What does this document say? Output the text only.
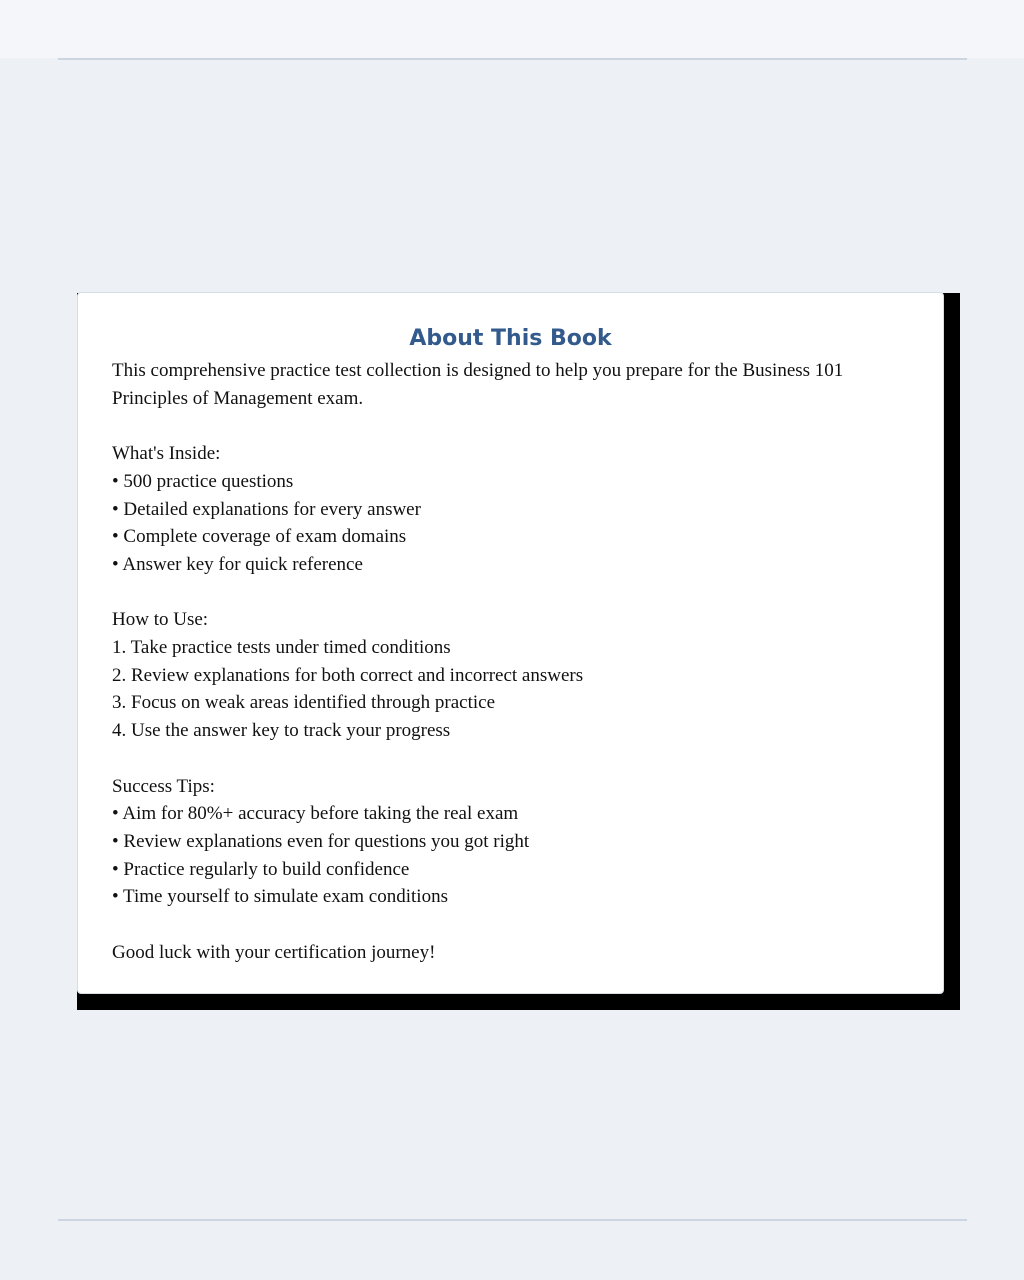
About This Book
This comprehensive practice test collection is designed to help you prepare for the Business 101 Principles of Management exam.
What's Inside:
• 500 practice questions
• Detailed explanations for every answer
• Complete coverage of exam domains
• Answer key for quick reference
How to Use:
1. Take practice tests under timed conditions
2. Review explanations for both correct and incorrect answers
3. Focus on weak areas identified through practice
4. Use the answer key to track your progress
Success Tips:
• Aim for 80%+ accuracy before taking the real exam
• Review explanations even for questions you got right
• Practice regularly to build confidence
• Time yourself to simulate exam conditions
Good luck with your certification journey!
